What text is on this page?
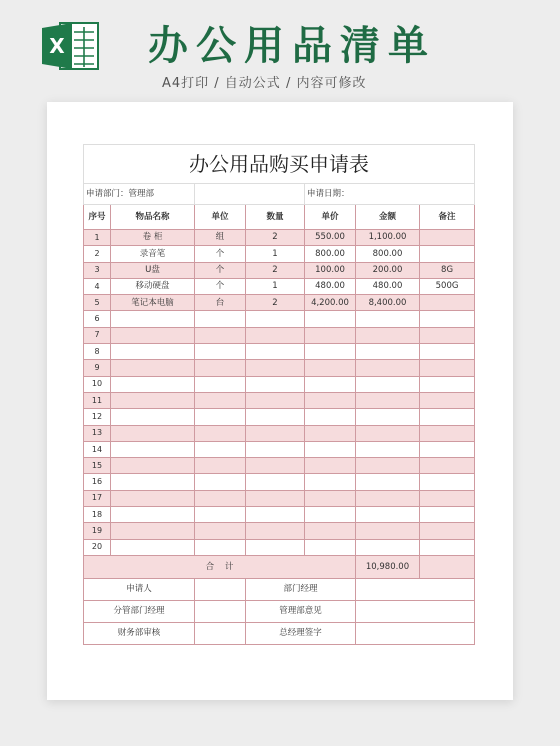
X 办公用品清单
A4打印 / 自动公式 / 内容可修改
办公用品购买申请表						
申请部门：管理部				申请日期：		
序号	物品名称	单位	数量	单价	金额	备注
1	卷 柜	组	2	550.00	1,100.00	
2	录音笔	个	1	800.00	800.00	
3	U盘	个	2	100.00	200.00	8G
4	移动硬盘	个	1	480.00	480.00	500G
5	笔记本电脑	台	2	4,200.00	8,400.00	
6						
7						
8						
9						
10						
11						
12						
13						
14						
15						
16						
17						
18						
19						
20						
合    计					10,980.00	
申请人			部门经理			
分管部门经理			管理部意见			
财务部审核			总经理签字			
